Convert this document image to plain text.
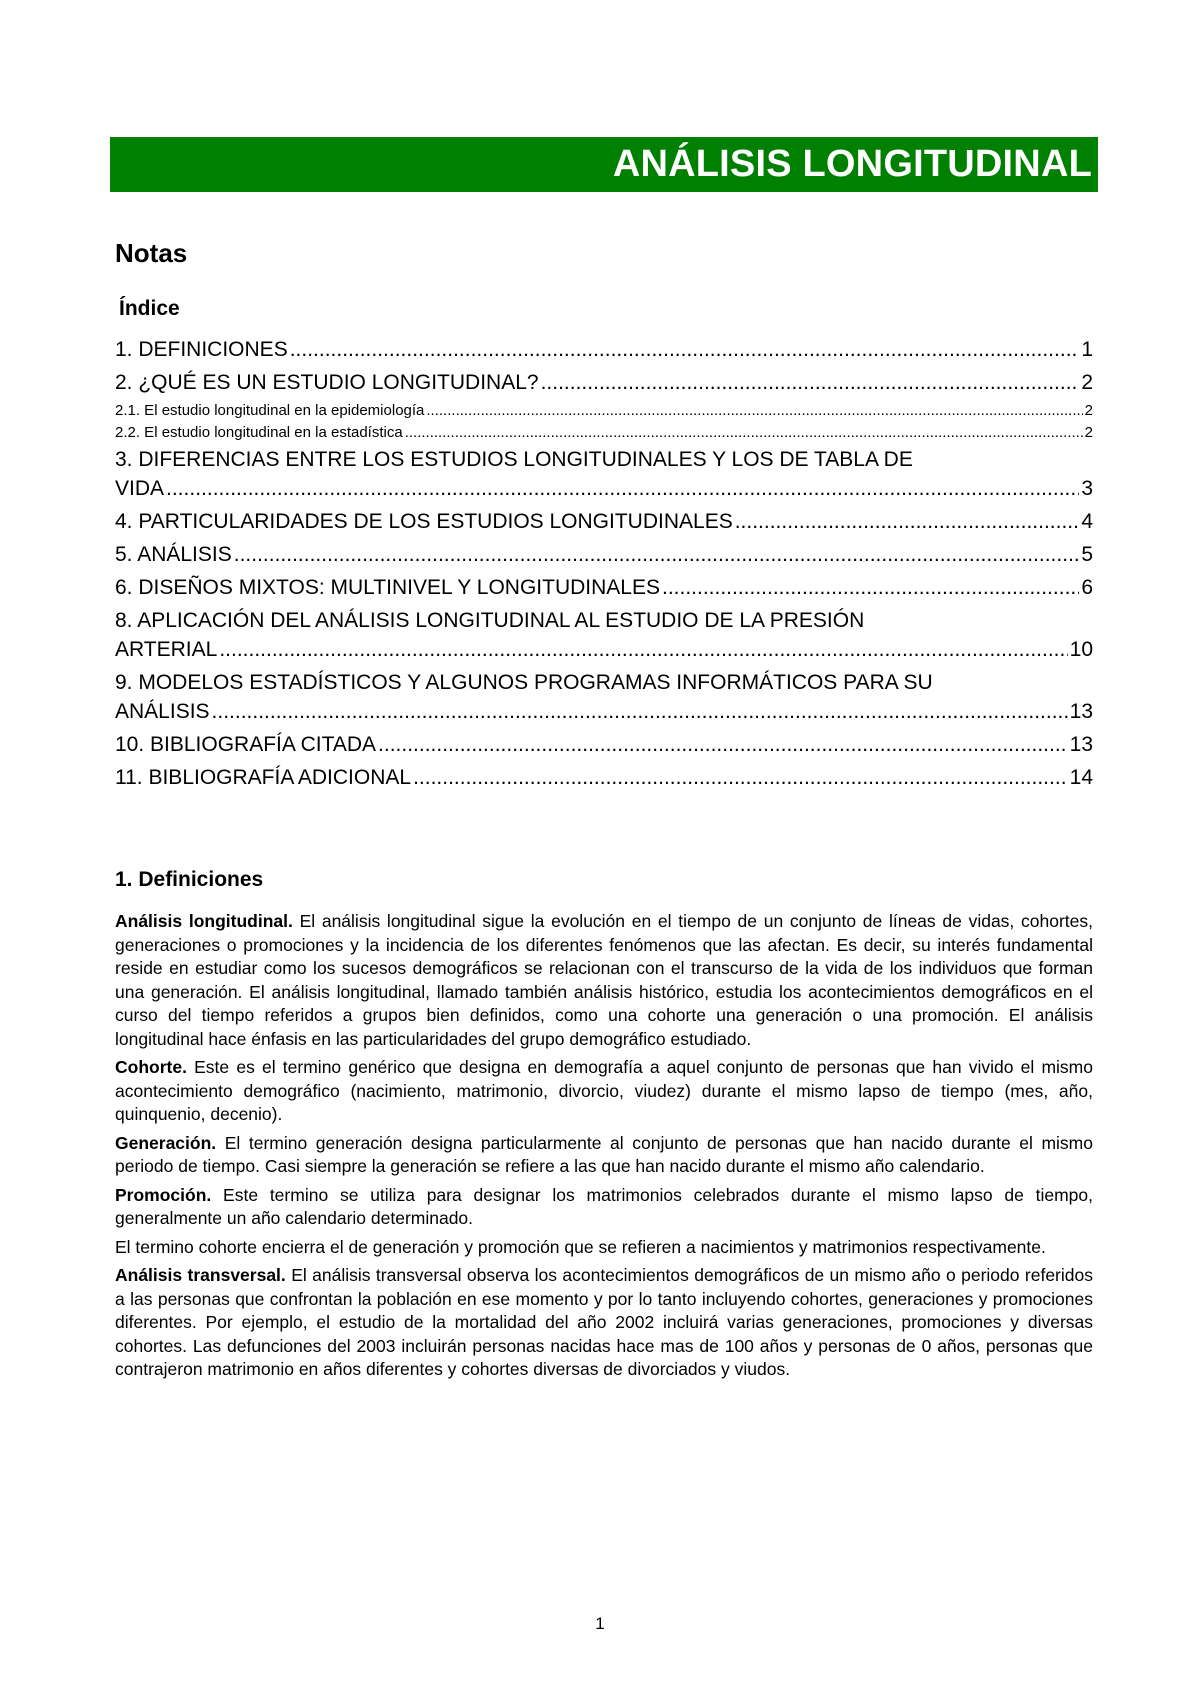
ANÁLISIS LONGITUDINAL
Notas
Índice
1. DEFINICIONES .....	1
2. ¿QUÉ ES UN ESTUDIO LONGITUDINAL? .....	2
2.1. El estudio longitudinal en la epidemiología .....	2
2.2. El estudio longitudinal en la estadística .....	2
3. DIFERENCIAS ENTRE LOS ESTUDIOS LONGITUDINALES Y LOS DE TABLA DE
VIDA .....	3
4. PARTICULARIDADES DE LOS ESTUDIOS LONGITUDINALES .....	4
5. ANÁLISIS .....	5
6. DISEÑOS MIXTOS: MULTINIVEL Y LONGITUDINALES .....	6
8. APLICACIÓN DEL ANÁLISIS LONGITUDINAL AL ESTUDIO DE LA PRESIÓN
ARTERIAL .....	10
9. MODELOS ESTADÍSTICOS Y ALGUNOS PROGRAMAS INFORMÁTICOS PARA SU
ANÁLISIS .....	13
10. BIBLIOGRAFÍA CITADA .....	13
11. BIBLIOGRAFÍA ADICIONAL .....	14
1. Definiciones

Análisis longitudinal. El análisis longitudinal sigue la evolución en el tiempo de un conjunto de líneas de vidas, cohortes, generaciones o promociones y la incidencia de los diferentes fenómenos que las afectan. Es decir, su interés fundamental reside en estudiar como los sucesos demográficos se relacionan con el transcurso de la vida de los individuos que forman una generación. El análisis longitudinal, llamado también análisis histórico, estudia los acontecimientos demográficos en el curso del tiempo referidos a grupos bien definidos, como una cohorte una generación o una promoción. El análisis longitudinal hace énfasis en las particularidades del grupo demográfico estudiado.

Cohorte. Este es el termino genérico que designa en demografía a aquel conjunto de personas que han vivido el mismo acontecimiento demográfico (nacimiento, matrimonio, divorcio, viudez) durante el mismo lapso de tiempo (mes, año, quinquenio, decenio).

Generación. El termino generación designa particularmente al conjunto de personas que han nacido durante el mismo periodo de tiempo. Casi siempre la generación se refiere a las que han nacido durante el mismo año calendario.

Promoción. Este termino se utiliza para designar los matrimonios celebrados durante el mismo lapso de tiempo, generalmente un año calendario determinado.

El termino cohorte encierra el de generación y promoción que se refieren a nacimientos y matrimonios respectivamente.

Análisis transversal. El análisis transversal observa los acontecimientos demográficos de un mismo año o periodo referidos a las personas que confrontan la población en ese momento y por lo tanto incluyendo cohortes, generaciones y promociones diferentes. Por ejemplo, el estudio de la mortalidad del año 2002 incluirá varias generaciones, promociones y diversas cohortes. Las defunciones del 2003 incluirán personas nacidas hace mas de 100 años y personas de 0 años, personas que contrajeron matrimonio en años diferentes y cohortes diversas de divorciados y viudos.

1
